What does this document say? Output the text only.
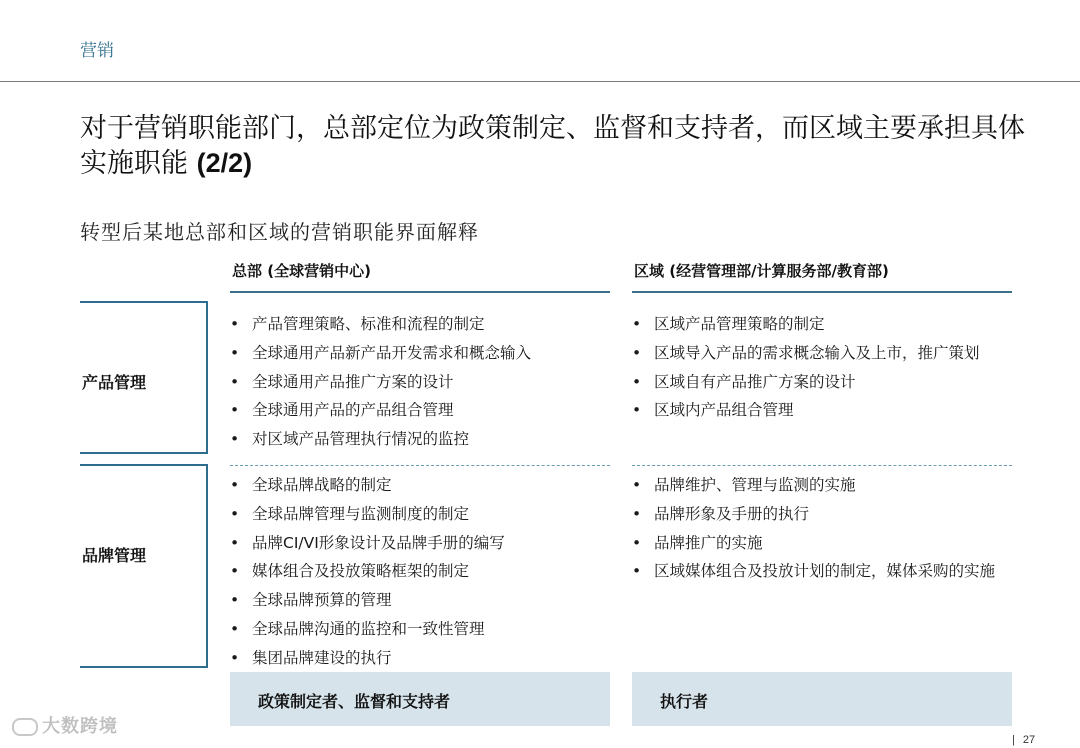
营销
对于营销职能部门，总部定位为政策制定、监督和支持者，而区域主要承担具体实施职能 (2/2)
转型后某地总部和区域的营销职能界面解释
总部 (全球营销中心)	区域 (经营管理部/计算服务部/教育部)
产品管理
品牌管理
• 产品管理策略、标准和流程的制定
• 全球通用产品新产品开发需求和概念输入
• 全球通用产品推广方案的设计
• 全球通用产品的产品组合管理
• 对区域产品管理执行情况的监控
• 区域产品管理策略的制定
• 区域导入产品的需求概念输入及上市，推广策划
• 区域自有产品推广方案的设计
• 区域内产品组合管理
• 全球品牌战略的制定
• 全球品牌管理与监测制度的制定
• 品牌CI/VI形象设计及品牌手册的编写
• 媒体组合及投放策略框架的制定
• 全球品牌预算的管理
• 全球品牌沟通的监控和一致性管理
• 集团品牌建设的执行
• 品牌维护、管理与监测的实施
• 品牌形象及手册的执行
• 品牌推广的实施
• 区域媒体组合及投放计划的制定，媒体采购的实施
政策制定者、监督和支持者	执行者
大数跨境
| 27
